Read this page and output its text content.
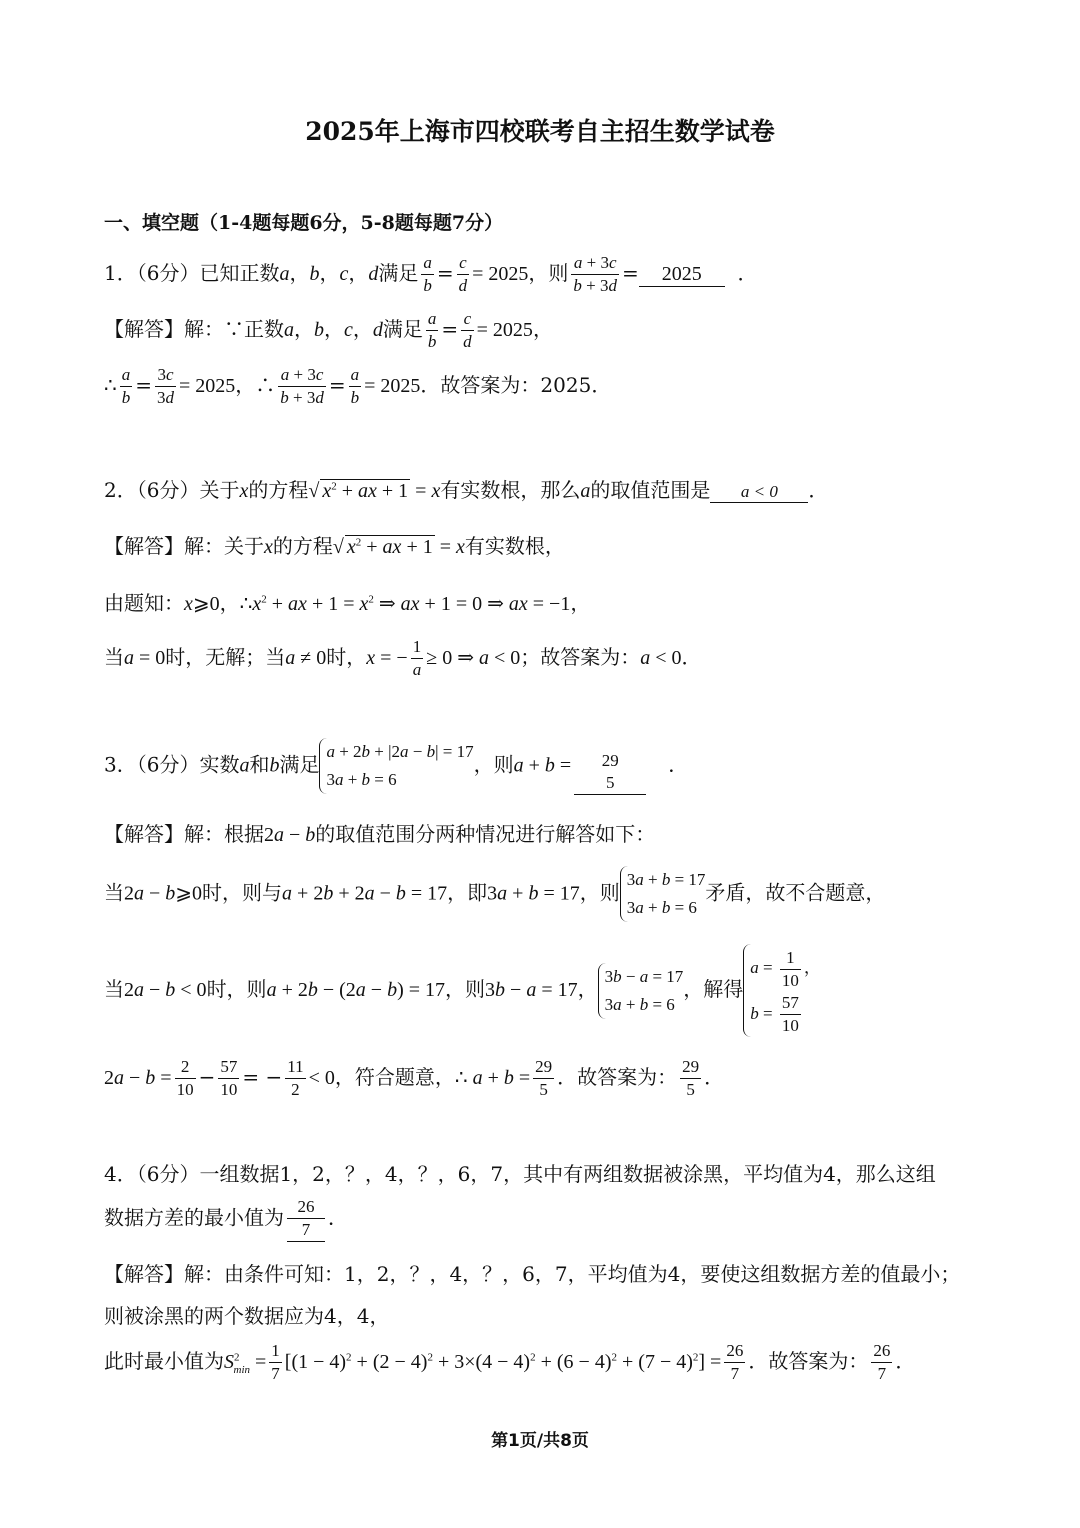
2025年上海市四校联考自主招生数学试卷
一、填空题（1-4题每题6分，5-8题每题7分）
1．（6分）已知正数a，b，c，d满足 $\frac{a}{b} = \frac{c}{d} = 2025$，则 $\frac{a + 3c}{b + 3d} = 2025$  ．
【解答】解：∵正数a，b，c，d满足 $\frac{a}{b} = \frac{c}{d} = 2025$，
∴ $\frac{a}{b} = \frac{3c}{3d} = 2025$，∴ $\frac{a + 3c}{b + 3d} = \frac{a}{b} = 2025$．故答案为：2025．
2．（6分）关于x的方程√ $x^2$ + ax + 1 = x有实数根，那么a的取值范围是 a < 0 ．
【解答】解：关于x的方程√ $x^2$ + ax + 1 = x有实数根，
由题知：x⩾0，$\therefore x^2$ + ax + $1 = x^2$ ⇒ ax + 1 = 0 ⇒ ax = −1，
当a = 0时，无解；当a ≠ 0时，x = − $\frac{1}{a} \ge 0$ ⇒ a < 0；故答案为：a < 0．
3．（6分）实数a和b满足
a + 2b + |2a − b| = 17
3a + b = 6
，则a + b =	29
5
．
【解答】解：根据2a − b的取值范围分两种情况进行解答如下：
当2a − b⩾0时，则与a + 2b + 2a − b = 17，即3a + b = 17，则
3a + b = 17
3a + b = 6
矛盾，故不合题意，
当2a − b < 0时，则a + 2b − (2a − b) = 17，则3b − a = 17，
3b − a = 17
3a + b = 6
，解得
$a = \frac{1}{10}$ ，
$b = \frac{57}{10}$
$2a - b = \frac{2}{10} - \frac{57}{10}$ = − $\frac{11}{2} < 0$，符合题意，∴ $a + b = \frac{29}{5}$ ．故答案为： $\frac{29}{5}$ ．
4．（6分）一组数据1，2，？，4，？，6，7，其中有两组数据被涂黑，平均值为4，那么这组
数据方差的最小值为 $\frac{26}{7}$ ．
【解答】解：由条件可知：1，2，？，4，？，6，7，平均值为4，要使这组数据方差的值最小；
则被涂黑的两个数据应为4，4，
此时最小值为$S^2_{min} = \frac{1}{7} [(1 - 4)^2 + (2 - 4)^2 + 3\times(4 - 4)^2 + (6 - 4)^2 + (7 - 4)^2] = \frac{26}{7}$ ．故答案为： $\frac{26}{7}$ ．
第1页/共8页
